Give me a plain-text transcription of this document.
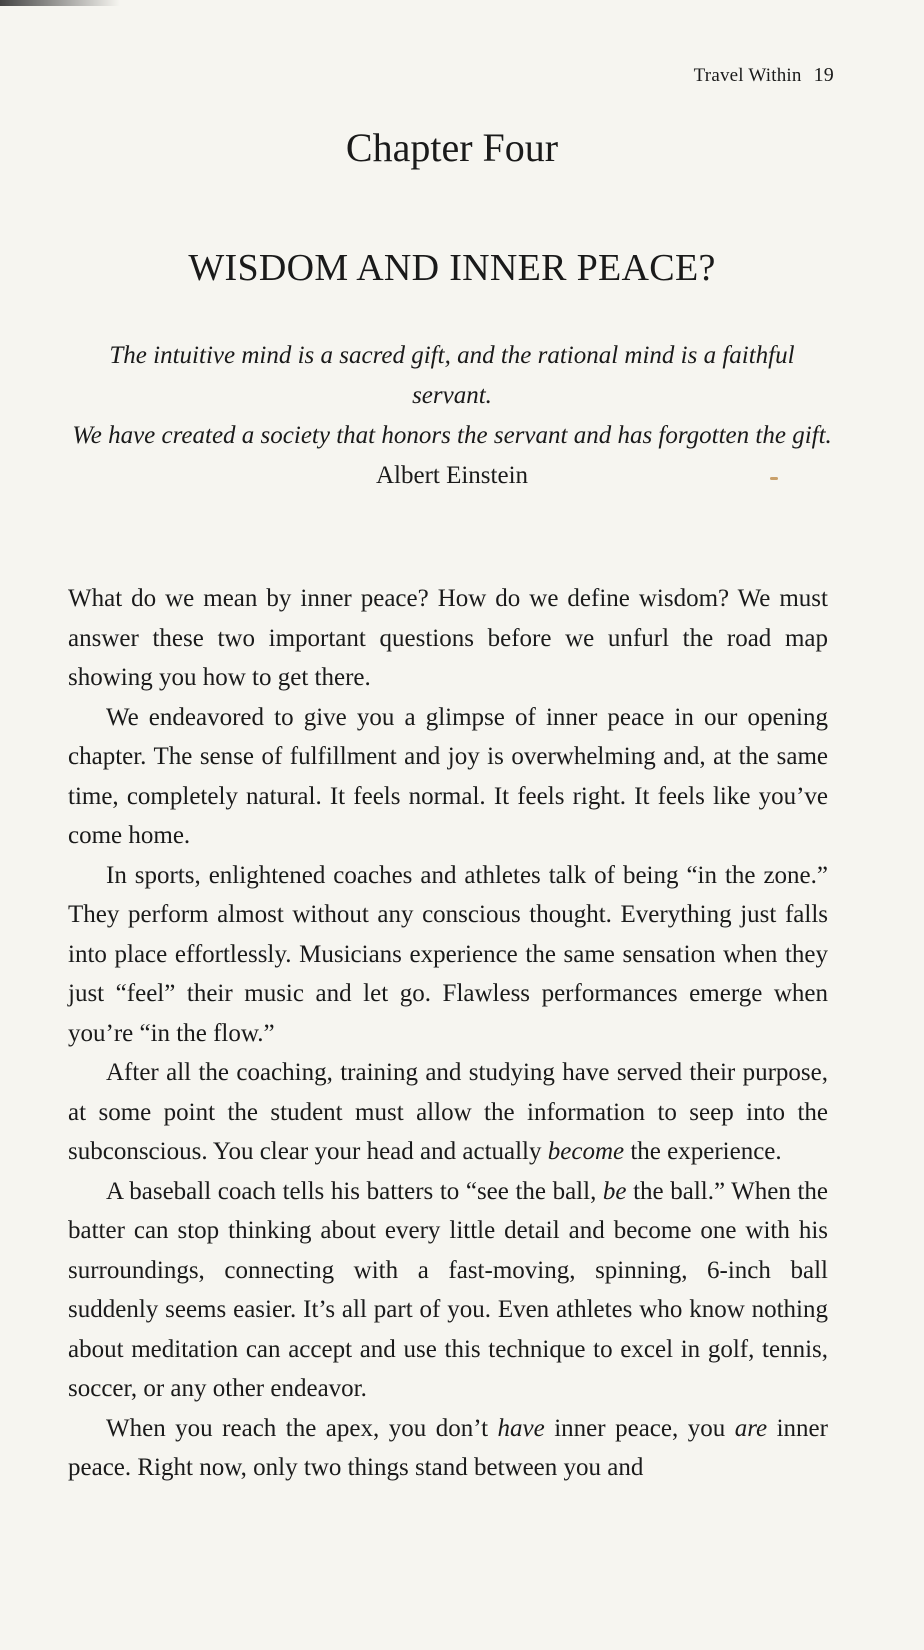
Travel Within 19
Chapter Four
WISDOM AND INNER PEACE?
The intuitive mind is a sacred gift, and the rational mind is a faithful servant.
We have created a society that honors the servant and has forgotten the gift.
Albert Einstein

What do we mean by inner peace? How do we define wisdom? We must answer these two important questions before we unfurl the road map showing you how to get there.

We endeavored to give you a glimpse of inner peace in our opening chapter. The sense of fulfillment and joy is overwhelming and, at the same time, completely natural. It feels normal. It feels right. It feels like you’ve come home.

In sports, enlightened coaches and athletes talk of being “in the zone.” They perform almost without any conscious thought. Everything just falls into place effortlessly. Musicians experience the same sensation when they just “feel” their music and let go. Flawless performances emerge when you’re “in the flow.”

After all the coaching, training and studying have served their purpose, at some point the student must allow the information to seep into the subconscious. You clear your head and actually become the experience.

A baseball coach tells his batters to “see the ball, be the ball.” When the batter can stop thinking about every little detail and become one with his surroundings, connecting with a fast-moving, spinning, 6-inch ball suddenly seems easier. It’s all part of you. Even athletes who know nothing about meditation can accept and use this technique to excel in golf, tennis, soccer, or any other endeavor.

When you reach the apex, you don’t have inner peace, you are inner peace. Right now, only two things stand between you and
